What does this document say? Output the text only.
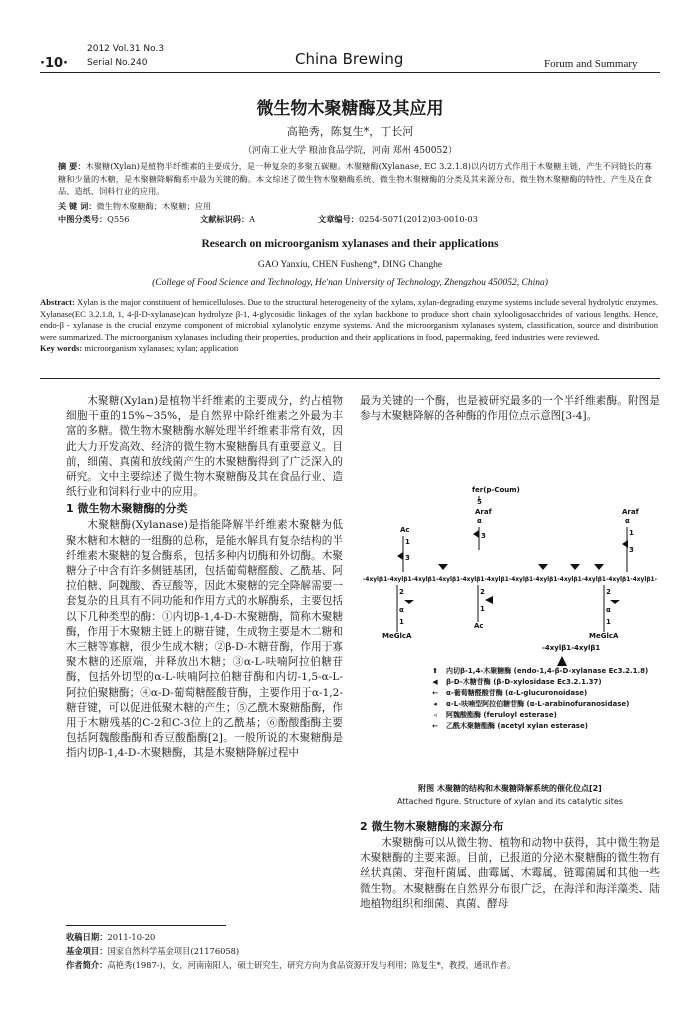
2012 Vol.31 No.3
·10· Serial No.240	China Brewing	Forum and Summary
微生物木聚糖酶及其应用
高艳秀，陈复生*，丁长河
（河南工业大学 粮油食品学院，河南 郑州 450052）
摘 要：木聚糖(Xylan)是植物半纤维素的主要成分，是一种复杂的多聚五碳糖。木聚糖酶(Xylanase, EC 3.2.1.8)以内切方式作用于木聚糖主链，产生不同链长的寡糖和少量的木糖，是木聚糖降解酶系中最为关键的酶。本文综述了微生物木聚糖酶系统、微生物木聚糖酶的分类及其来源分布、微生物木聚糖酶的特性、产生及在食品、造纸、饲料行业的应用。
关 键 词：微生物木聚糖酶；木聚糖；应用
中图分类号：Q556	文献标识码：A	文章编号：0254-5071(2012)03-0010-03
Research on microorganism xylanases and their applications
GAO Yanxiu, CHEN Fusheng*, DING Changhe
(College of Food Science and Technology, He'nan University of Technology, Zhengzhou 450052, China)
Abstract: Xylan is the major constituent of hemicelluloses. Due to the structural heterogeneity of the xylans, xylan-degrading enzyme systems include several hydrolytic enzymes. Xylanase(EC 3.2.1.8, 1, 4-β-D-xylanase)can hydrolyze β-1, 4-glycosidic linkages of the xylan backbone to produce short chain xylooligosacchrides of various lengths. Hence, endo-β - xylanase is the crucial enzyme component of microbial xylanolytic enzyme systems. And the microorganism xylanases system, classification, source and distribution were summarized. The microorganism xylanases including their properties, production and their applications in food, papermaking, feed industries were reviewed.
Key words: microorganism xylanases; xylan; application

木聚糖(Xylan)是植物半纤维素的主要成分，约占植物细胞干重的15%~35%，是自然界中除纤维素之外最为丰富的多糖。微生物木聚糖酶水解处理半纤维素非常有效，因此大力开发高效、经济的微生物木聚糖酶具有重要意义。目前，细菌、真菌和放线菌产生的木聚糖酶得到了广泛深入的研究。文中主要综述了微生物木聚糖酶及其在食品行业、造纸行业和饲料行业中的应用。

1 微生物木聚糖酶的分类

木聚糖酶(Xylanase)是指能降解半纤维素木聚糖为低聚木糖和木糖的一组酶的总称，是能水解具有复杂结构的半纤维素木聚糖的复合酶系，包括多种内切酶和外切酶。木聚糖分子中含有许多侧链基团，包括葡萄糖醛酸、乙酰基、阿拉伯糖、阿魏酸、香豆酸等，因此木聚糖的完全降解需要一套复杂的且具有不同功能和作用方式的水解酶系，主要包括以下几种类型的酶：①内切β-1,4-D-木聚糖酶，简称木聚糖酶，作用于木聚糖主链上的糖苷键，生成物主要是木二糖和木三糖等寡糖，很少生成木糖；②β-D-木糖苷酶，作用于寡聚木糖的还原端，并释放出木糖；③α-L-呋喃阿拉伯糖苷酶，包括外切型的α-L-呋喃阿拉伯糖苷酶和内切-1,5-α-L-阿拉伯聚糖酶；④α-D-葡萄糖醛酸苷酶，主要作用于α-1,2-糖苷键，可以促进低聚木糖的产生；⑤乙酰木聚糖酯酶，作用于木糖残基的C-2和C-3位上的乙酰基；⑥酚酸酯酶主要包括阿魏酸酯酶和香豆酸酯酶[2]。一般所说的木聚糖酶是指内切β-1,4-D-木聚糖酶，其是木聚糖降解过程中

最为关键的一个酶，也是被研究最多的一个半纤维素酶。附图是参与木聚糖降解的各种酶的作用位点示意图[3-4]。

fer(p-Coum)
5
Araf
α
3
Araf
α
1
3
Ac
1
3
-4xylβ1-4xylβ1-4xylβ1-4xylβ1-4xylβ1-4xylβ1-4xylβ1-4xylβ1-4xylβ1-4xylβ1-4xylβ1-4xylβ1-
2
1
Ac
2
α
1
MeGlcA
2
α
1
MeGlcA
-4xylβ1-4xylβ1
⬆	内切β-1,4-木聚糖酶 (endo-1,4-β-D-xylanase Ec3.2.1.8)
◀	β-D-木糖苷酶 (β-D-xylosidase Ec3.2.1.37)
←	α-葡萄糖醛酸苷酶 (α-L-glucuronoidase)
◂	α-L-呋喃型阿拉伯糖苷酶 (α-L-arabinofuranosidase)
◃	阿魏酸酯酶 (feruloyl esterase)
←	乙酰木聚糖酯酶 (acetyl xylan esterase)
附图 木聚糖的结构和木聚糖降解系统的催化位点[2]
Attached figure. Structure of xylan and its catalytic sites
2 微生物木聚糖酶的来源分布

木聚糖酶可以从微生物、植物和动物中获得，其中微生物是木聚糖酶的主要来源。目前，已报道的分泌木聚糖酶的微生物有丝状真菌、芽孢杆菌属、曲霉属、木霉属、链霉菌属和其他一些微生物。木聚糖酶在自然界分布很广泛，在海洋和海洋藻类、陆地植物组织和细菌、真菌、酵母

收稿日期：2011-10-20
基金项目：国家自然科学基金项目(21176058)
作者简介：高艳秀(1987-)，女，河南南阳人，硕士研究生，研究方向为食品资源开发与利用；陈复生*，教授，通讯作者。
